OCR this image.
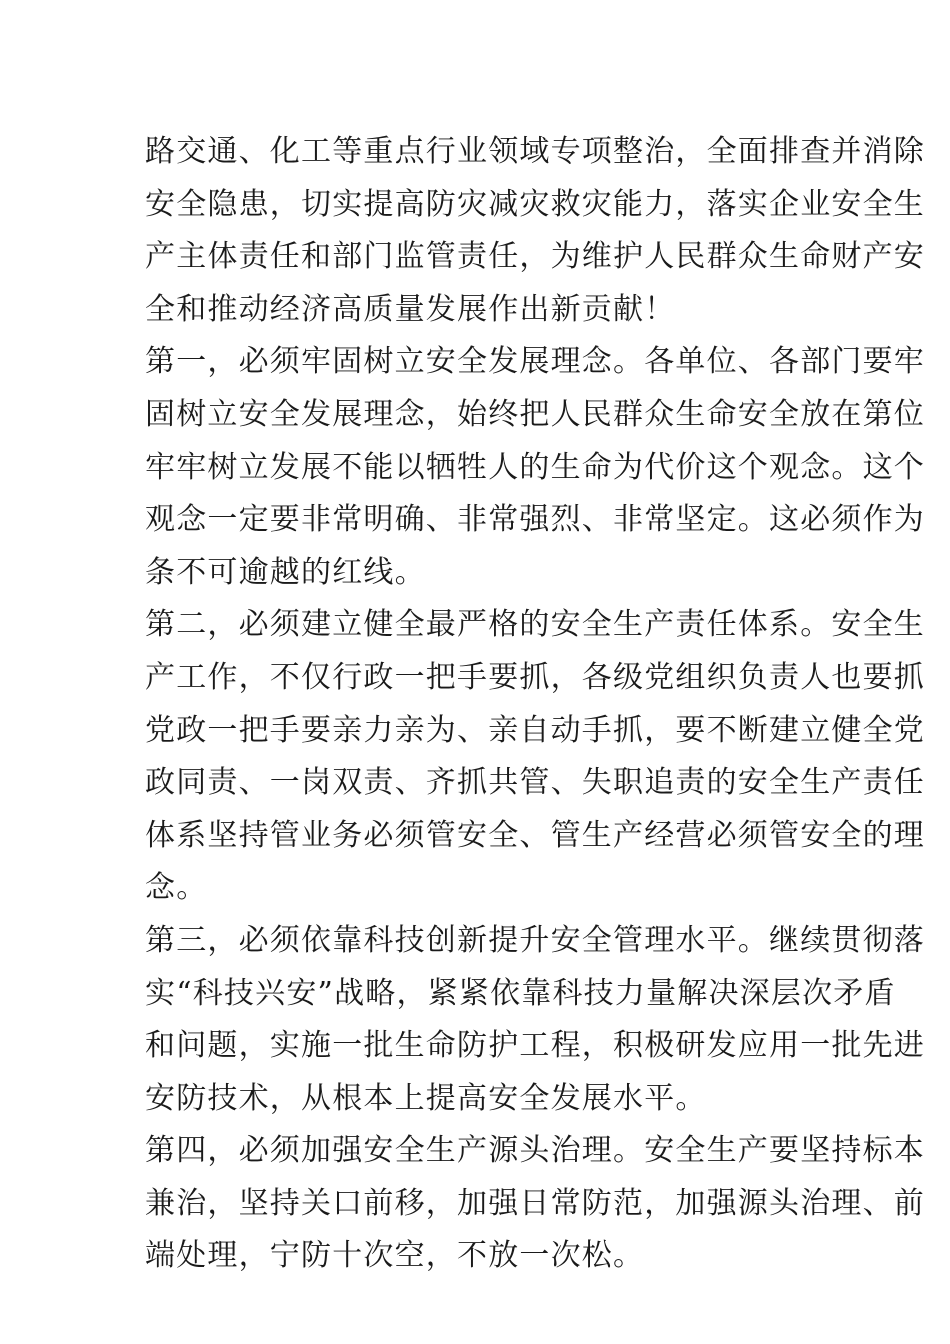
路交通、化工等重点行业领域专项整治，全面排查并消除
安全隐患，切实提高防灾减灾救灾能力，落实企业安全生
产主体责任和部门监管责任，为维护人民群众生命财产安
全和推动经济高质量发展作出新贡献！
第一，必须牢固树立安全发展理念。各单位、各部门要牢
固树立安全发展理念，始终把人民群众生命安全放在第位
牢牢树立发展不能以牺牲人的生命为代价这个观念。这个
观念一定要非常明确、非常强烈、非常坚定。这必须作为
条不可逾越的红线。
第二，必须建立健全最严格的安全生产责任体系。安全生
产工作，不仅行政一把手要抓，各级党组织负责人也要抓
党政一把手要亲力亲为、亲自动手抓，要不断建立健全党
政同责、一岗双责、齐抓共管、失职追责的安全生产责任
体系坚持管业务必须管安全、管生产经营必须管安全的理
念。
第三，必须依靠科技创新提升安全管理水平。继续贯彻落
实“科技兴安”战略，紧紧依靠科技力量解决深层次矛盾
和问题，实施一批生命防护工程，积极研发应用一批先进
安防技术，从根本上提高安全发展水平。
第四，必须加强安全生产源头治理。安全生产要坚持标本
兼治，坚持关口前移，加强日常防范，加强源头治理、前
端处理，宁防十次空，不放一次松。
